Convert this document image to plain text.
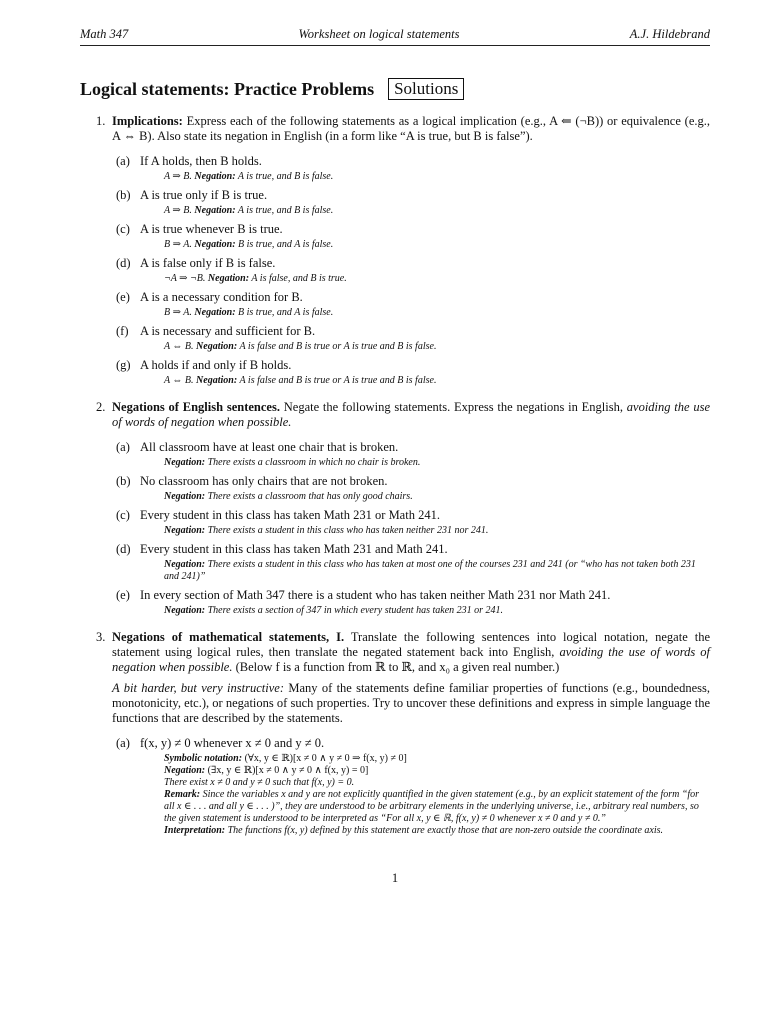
Math 347	Worksheet on logical statements	A.J. Hildebrand
Logical statements: Practice Problems	Solutions
1. Implications: Express each of the following statements as a logical implication (e.g., A ⇐ (¬B)) or equivalence (e.g., A ⇔ B). Also state its negation in English (in a form like “A is true, but B is false”).
(a) If A holds, then B holds.
A ⇒ B. Negation: A is true, and B is false.
(b) A is true only if B is true.
A ⇒ B. Negation: A is true, and B is false.
(c) A is true whenever B is true.
B ⇒ A. Negation: B is true, and A is false.
(d) A is false only if B is false.
¬A ⇒ ¬B. Negation: A is false, and B is true.
(e) A is a necessary condition for B.
B ⇒ A. Negation: B is true, and A is false.
(f) A is necessary and sufficient for B.
A ⇔ B. Negation: A is false and B is true or A is true and B is false.
(g) A holds if and only if B holds.
A ⇔ B. Negation: A is false and B is true or A is true and B is false.
2. Negations of English sentences. Negate the following statements. Express the negations in English, avoiding the use of words of negation when possible.
(a) All classroom have at least one chair that is broken.
Negation: There exists a classroom in which no chair is broken.
(b) No classroom has only chairs that are not broken.
Negation: There exists a classroom that has only good chairs.
(c) Every student in this class has taken Math 231 or Math 241.
Negation: There exists a student in this class who has taken neither 231 nor 241.
(d) Every student in this class has taken Math 231 and Math 241.
Negation: There exists a student in this class who has taken at most one of the courses 231 and 241 (or “who has not taken both 231 and 241)”
(e) In every section of Math 347 there is a student who has taken neither Math 231 nor Math 241.
Negation: There exists a section of 347 in which every student has taken 231 or 241.
3. Negations of mathematical statements, I. Translate the following sentences into logical notation, negate the statement using logical rules, then translate the negated statement back into English, avoiding the use of words of negation when possible. (Below f is a function from ℝ to ℝ, and x₀ a given real number.)
A bit harder, but very instructive: Many of the statements define familiar properties of functions (e.g., boundedness, monotonicity, etc.), or negations of such properties. Try to uncover these definitions and express in simple language the functions that are described by the statements.
(a) f(x, y) ≠ 0 whenever x ≠ 0 and y ≠ 0.
Symbolic notation: (∀x, y ∈ ℝ)[x ≠ 0 ∧ y ≠ 0 ⇒ f(x, y) ≠ 0]
Negation: (∃x, y ∈ ℝ)[x ≠ 0 ∧ y ≠ 0 ∧ f(x, y) = 0]
There exist x ≠ 0 and y ≠ 0 such that f(x, y) = 0.
Remark: Since the variables x and y are not explicitly quantified in the given statement (e.g., by an explicit statement of the form “for all x ∈ . . . and all y ∈ . . . )”, they are understood to be arbitrary elements in the underlying universe, i.e., arbitrary real numbers, so the given statement is understood to be interpreted as “For all x, y ∈ ℝ, f(x, y) ≠ 0 whenever x ≠ 0 and y ≠ 0.”
Interpretation: The functions f(x, y) defined by this statement are exactly those that are non-zero outside the coordinate axis.
1
